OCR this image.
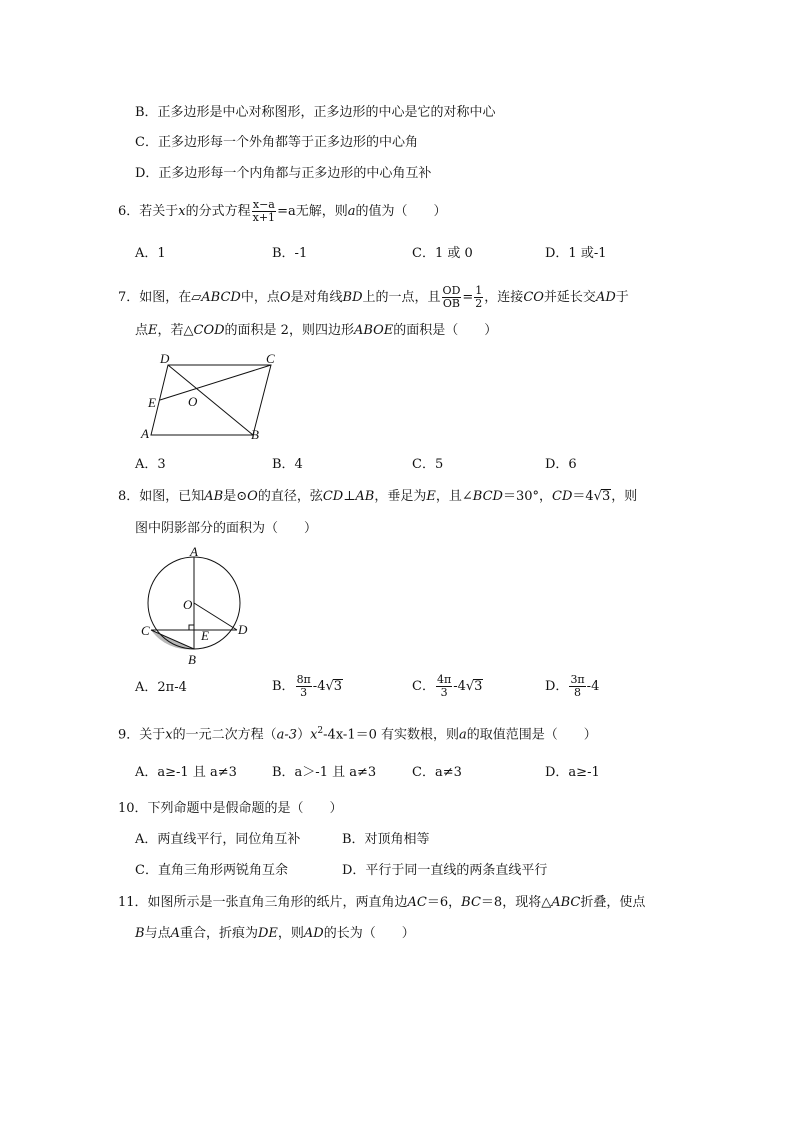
B．正多边形是中心对称图形，正多边形的中心是它的对称中心
C．正多边形每一个外角都等于正多边形的中心角
D．正多边形每一个内角都与正多边形的中心角互补
6．若关于x的分式方程 $\frac{x-a}{x+1} =a$无解，则a的值为（　　）
A．1	B．-1	C．1 或 0	D．1 或-1
7．如图，在▱ABCD中，点O是对角线BD上的一点，且 $\frac{OD}{OB} = \frac{1}{2}$ ，连接CO并延长交AD于
点E，若△COD的面积是 2，则四边形ABOE的面积是（　　）
D	C
E O
A	B
A．3	B．4	C．5	D．6
8．如图，已知AB是⊙O的直径，弦CD⊥AB，垂足为E，且∠BCD＝30°，CD＝4√3，则
图中阴影部分的面积为（　　）
A
O
C	E D
B
A．2π-4	B． $\frac{8\pi}{3} -4√3$	C． $\frac{4\pi}{3} -4√3$	D． $\frac{3\pi}{8} -4$
9．关于x的一元二次方程$(a-3)x^2-4x-1=0$ 有实数根，则a的取值范围是（　　）
A．a≥-1 且 a≠3	B．a＞-1 且 a≠3	C．a≠3	D．a≥-1
10．下列命题中是假命题的是（　　）
A．两直线平行，同位角互补	B．对顶角相等
C．直角三角形两锐角互余	D．平行于同一直线的两条直线平行
11．如图所示是一张直角三角形的纸片，两直角边AC＝6，BC＝8，现将△ABC折叠，使点
B与点A重合，折痕为DE，则AD的长为（　　）
